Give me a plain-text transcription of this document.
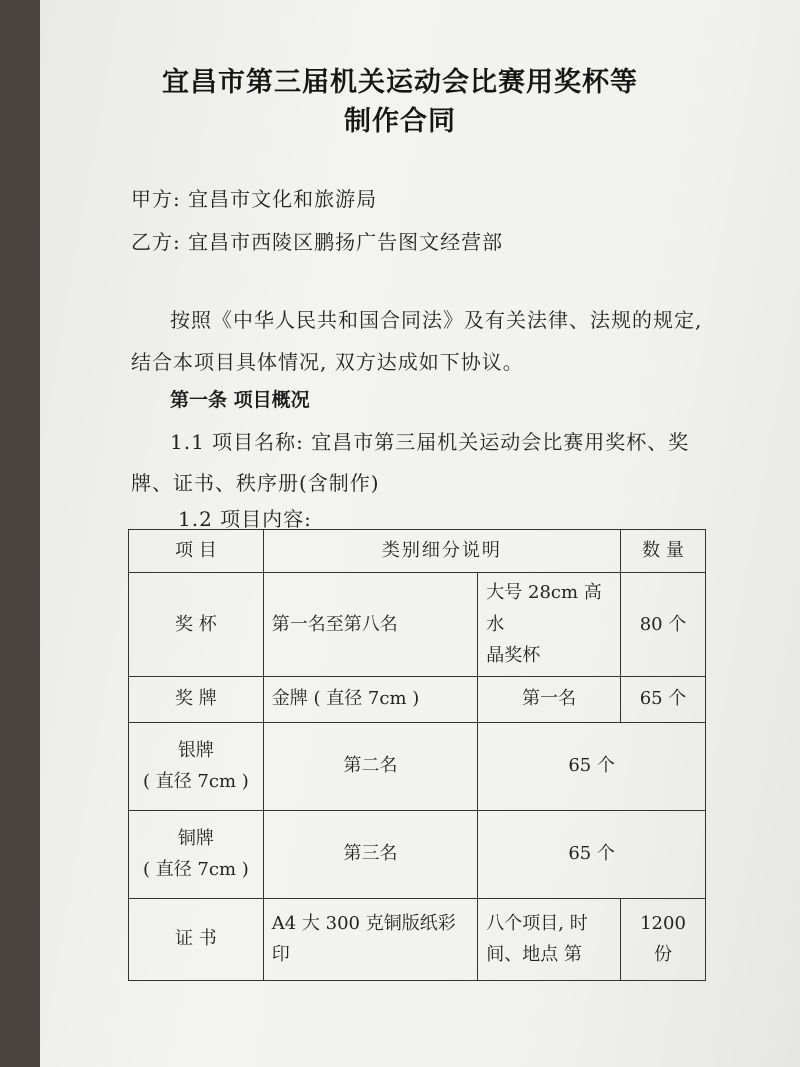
宜昌市第三届机关运动会比赛用奖杯等
制作合同
甲方: 宜昌市文化和旅游局
乙方: 宜昌市西陵区鹏扬广告图文经营部
按照《中华人民共和国合同法》及有关法律、法规的规定,
结合本项目具体情况, 双方达成如下协议。
第一条 项目概况
1.1 项目名称: 宜昌市第三届机关运动会比赛用奖杯、奖
牌、证书、秩序册(含制作)
1.2 项目内容:
项 目	类别细分说明		数 量
奖 杯	第一名至第八名	大号 28cm 高水
晶奖杯	80 个
奖 牌	金牌 ( 直径 7cm )	第一名	65 个

银牌
( 直径 7cm )	第二名	65 个	

铜牌
( 直径 7cm )	第三名	65 个	
证 书	A4 大 300 克铜版纸彩印	八个项目, 时
间、地点 第	1200 份
